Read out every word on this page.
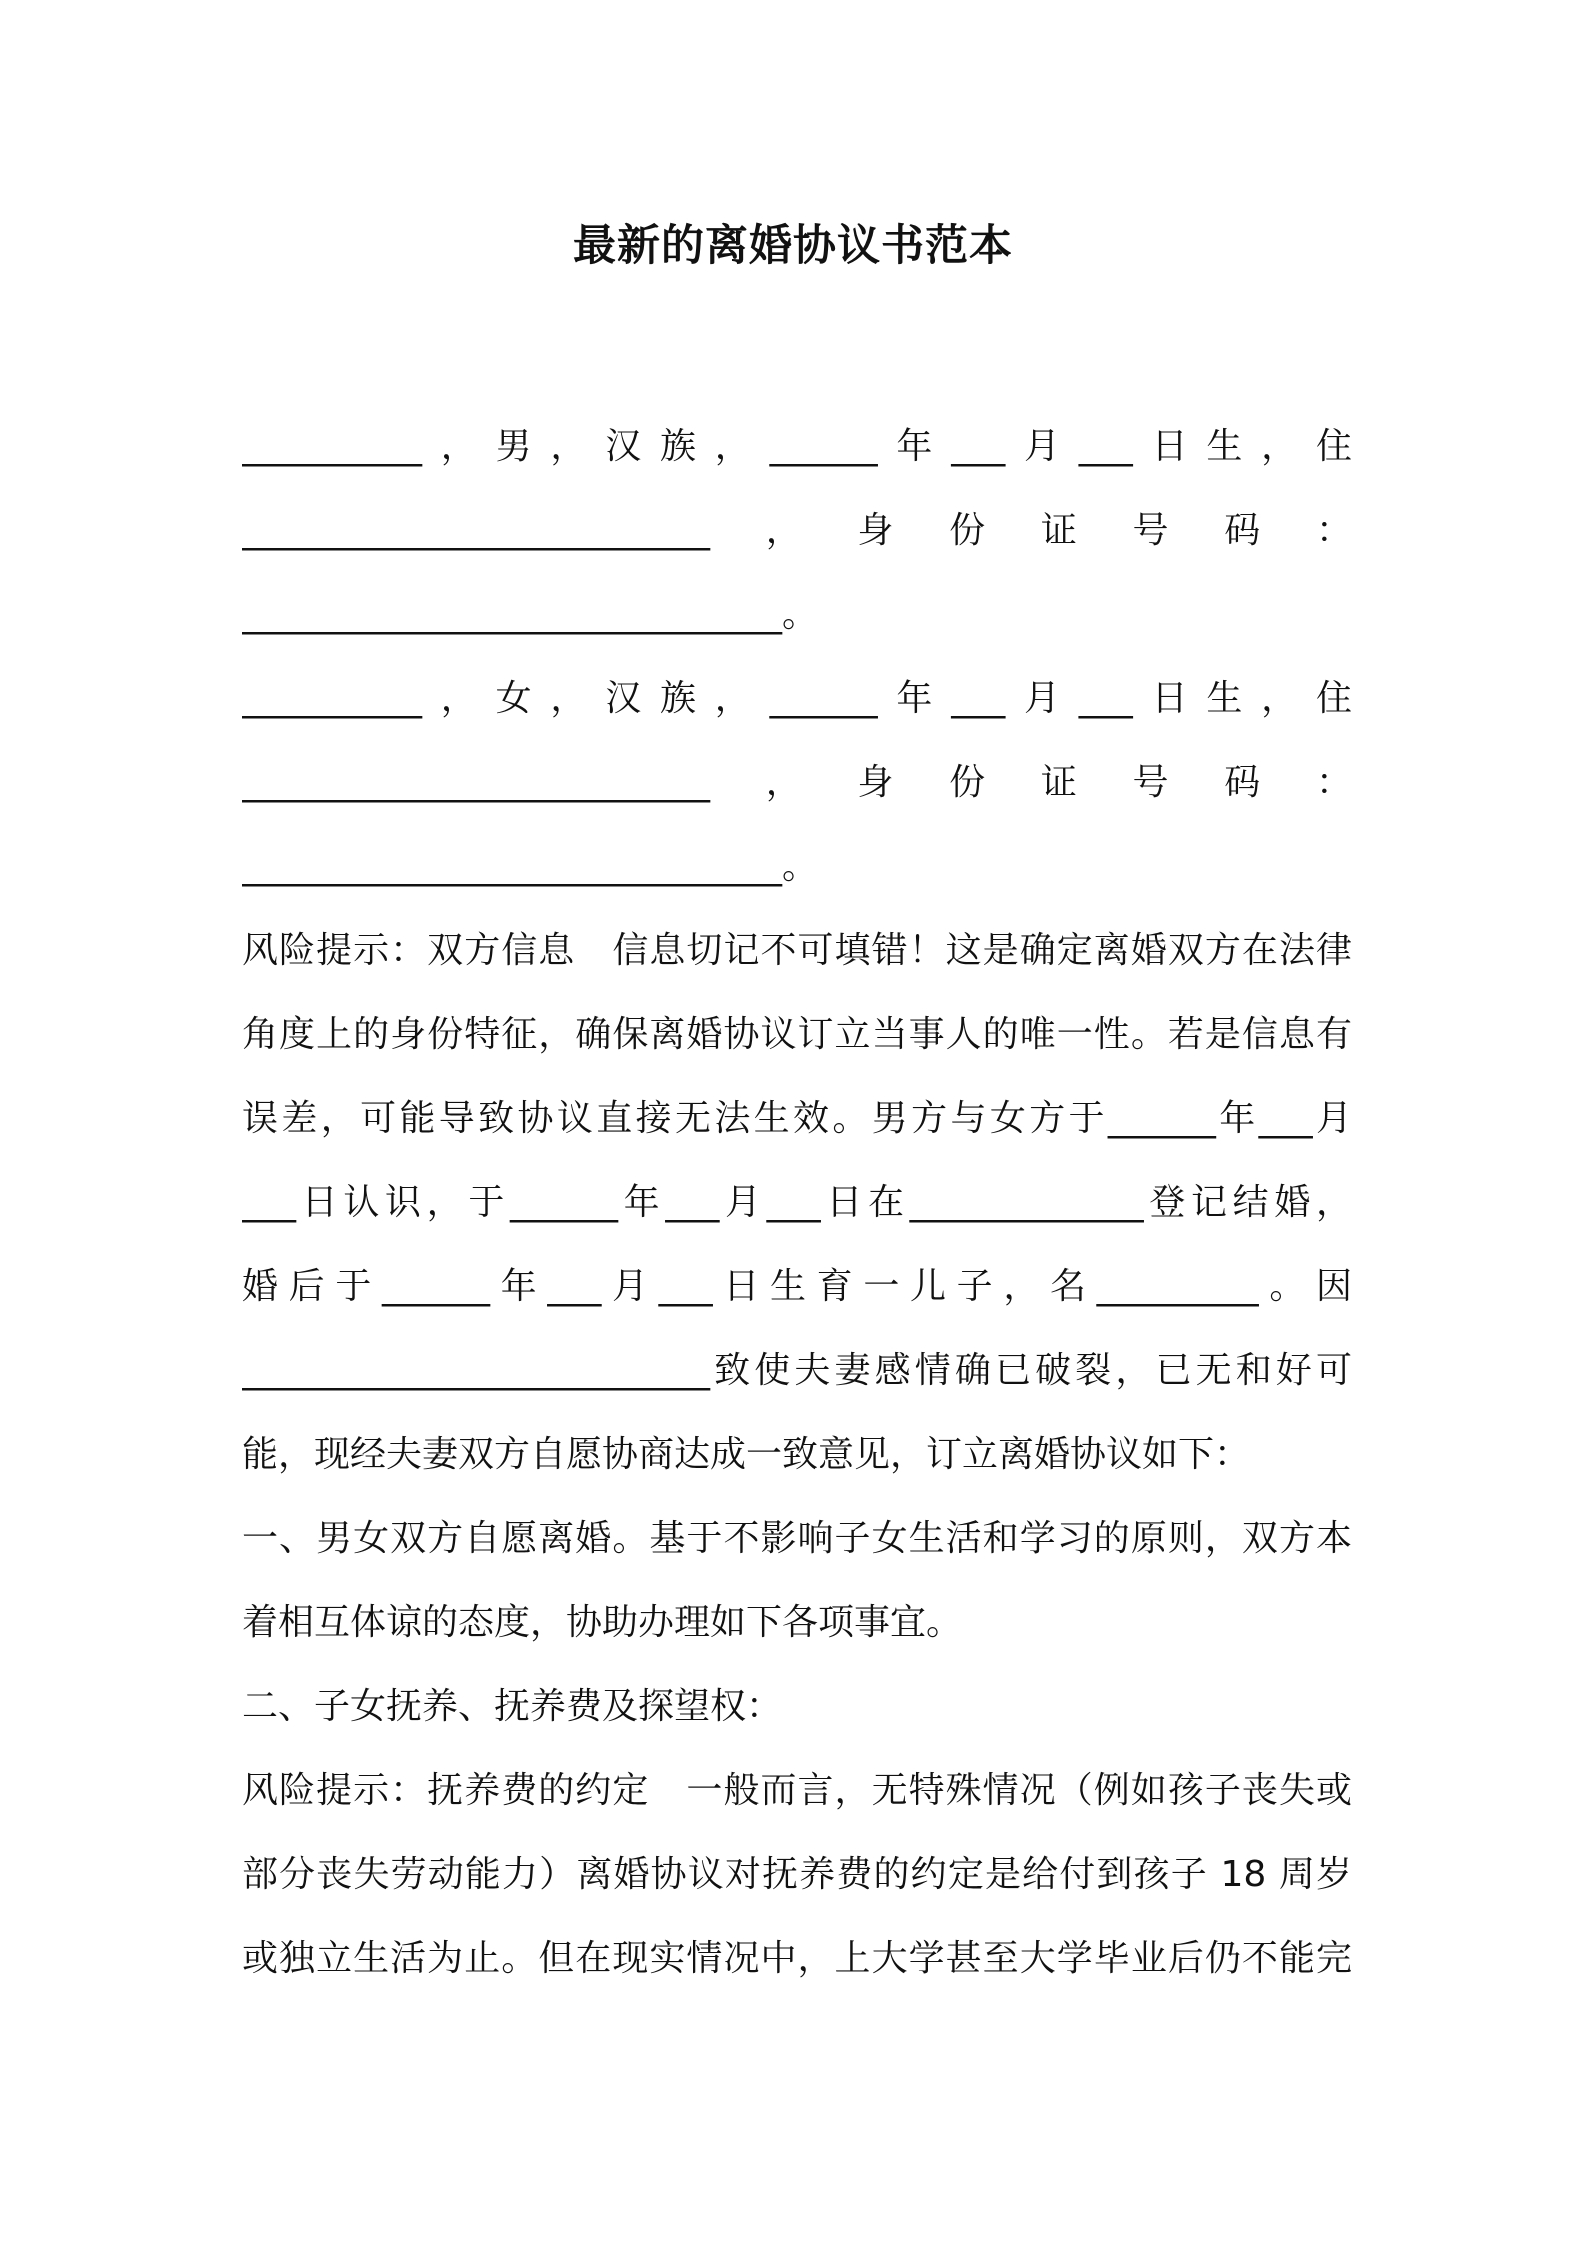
最新的离婚协议书范本
__________，男，汉族，______年___月___日生，住
__________________________，身份证号码：
______________________________。
__________，女，汉族，______年___月___日生，住
__________________________，身份证号码：
______________________________。
风险提示：双方信息　信息切记不可填错！这是确定离婚双方在法律
角度上的身份特征，确保离婚协议订立当事人的唯一性。若是信息有
误差，可能导致协议直接无法生效。男方与女方于______年___月
___日认识，于______年___月___日在_____________登记结婚，
婚后于______年___月___日生育一儿子，名_________。因
__________________________致使夫妻感情确已破裂，已无和好可
能，现经夫妻双方自愿协商达成一致意见，订立离婚协议如下：
一、男女双方自愿离婚。基于不影响子女生活和学习的原则，双方本
着相互体谅的态度，协助办理如下各项事宜。
二、子女抚养、抚养费及探望权：
风险提示：抚养费的约定　一般而言，无特殊情况（例如孩子丧失或
部分丧失劳动能力）离婚协议对抚养费的约定是给付到孩子 18 周岁
或独立生活为止。但在现实情况中，上大学甚至大学毕业后仍不能完
